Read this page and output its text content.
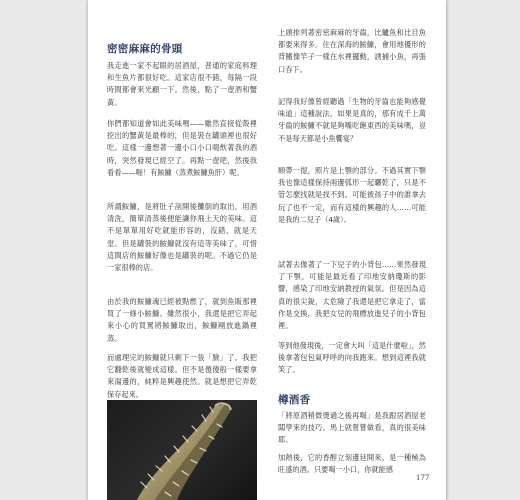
密密麻麻的骨頭

我走進一家不起眼的居酒屋，普通的家庭料理和生魚片都很好吃。這家店很不錯，每隔一段時間都會來光顧一下。然後，點了一壺酒和蟹黃。

你們都知道會如此美味嗎——雖然直接從殼裡挖出的蟹黃是最棒的，但是裝在罐頭裡也很好吃。這樣一邊想著一邊小口小口啜飲著我的酒時，突然發現已經空了。再點一壺吧，然後我看看——喔！有鮟鱇（蒸煮鮟鱇魚肝）呢。

所謂鮟鱇，是將肚子剖開後攤倒的取出，用酒清洗，簡單清蒸後便能讓你飛上天的美味。這不是單單用好吃就能形容的，沒錯，就是天堂。但是罐裝的鮟鱇就沒有這等美味了，可惜這間店的鮟鱇好像也是罐裝的呢。不過它仍是一家很棒的店。

由於我的鮟鱇魂已經被點燃了，就到魚販那裡買了一條小鮟鱇。雖然很小，我還是把它弄起來小心的買罵將鮟鱇取出，鮟鱇剛放進鍋裡蒸。

而處理完的鮟鱇就只剩下一張「臉」了。我把它翻乾後就變成這樣。但不是傻傻般一樣要拿來湯邊的，純粹是興趣使然。就是想把它弄乾保存起來。

上頭排列著密密麻麻的牙齒，比鱸魚和比目魚都要來得多。住在深海的鮟鱇，會用地優形的背鰭像竿子一樣在水裡擺動，誘捕小魚，再張口吞下。

記得我好像曾經聽過「生物的牙齒也能夠感覺味道」這種說法。如果是真的，那有成千上萬牙齒的鮟鱇不就是夠嘴吃飽東西的美味嗎，豈不是每天都是小魚饗宴？

順帶一提，照片是上顎的部分。不過其實下顎我也像這樣保持兩邊弧形一起曬乾了，只是不管怎麼找就是找不到。可能被孩子中的誰拿去玩了也不一定，而有這樣的興趣的人……可能是我的二兒子（4歲）。

試著去像著了一下兒子的小背包……果然發現了下顎。可能是最近看了印地安納瓊斯的影響，感染了印地安納教授的氣氛。但是因為這真的很尖銳，太危險了我還是把它拿走了，當作是交換，我把女兒的飛標放進兒子的小背包裡。

等到他發現後，一定會大叫「這是什麼啦」，然後拿著包包氣呼呼的向我跑來。想到這裡我就笑了。

樽酒香

「將原酒稍微燙過之後再喝」是我跟居酒屋老闆學來的技巧。馬上就嘗嘗做看，真的很美味耶。

加熱後，它的香醇立刻邊延開來，是一種極為旺盛的酒。只要喝一小口，你就能感

177
